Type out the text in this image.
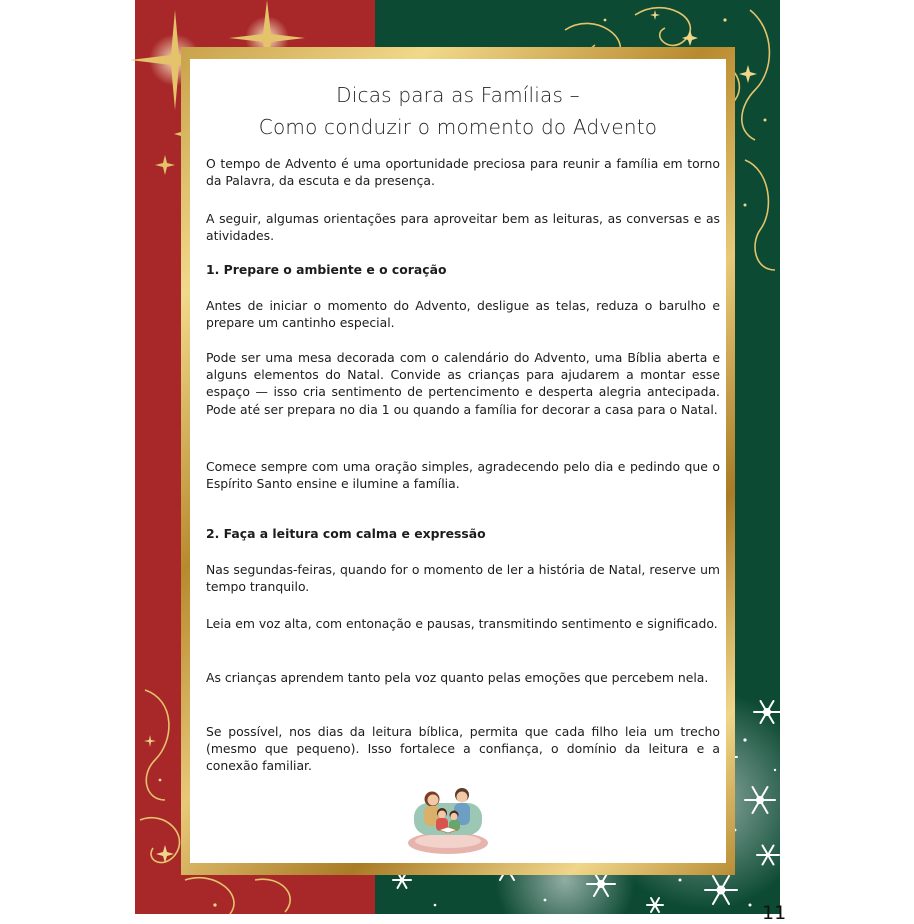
Dicas para as Famílias –
Como conduzir o momento do Advento

O tempo de Advento é uma oportunidade preciosa para reunir a família em torno da Palavra, da escuta e da presença.

A seguir, algumas orientações para aproveitar bem as leituras, as conversas e as atividades.

1. Prepare o ambiente e o coração

Antes de iniciar o momento do Advento, desligue as telas, reduza o barulho e prepare um cantinho especial.

Pode ser uma mesa decorada com o calendário do Advento, uma Bíblia aberta e alguns elementos do Natal. Convide as crianças para ajudarem a montar esse espaço — isso cria sentimento de pertencimento e desperta alegria antecipada. Pode até ser prepara no dia 1 ou quando a família for decorar a casa para o Natal.

Comece sempre com uma oração simples, agradecendo pelo dia e pedindo que o Espírito Santo ensine e ilumine a família.

2. Faça a leitura com calma e expressão

Nas segundas-feiras, quando for o momento de ler a história de Natal, reserve um tempo tranquilo.

Leia em voz alta, com entonação e pausas, transmitindo sentimento e significado.

As crianças aprendem tanto pela voz quanto pelas emoções que percebem nela.

Se possível, nos dias da leitura bíblica, permita que cada filho leia um trecho (mesmo que pequeno). Isso fortalece a confiança, o domínio da leitura e a conexão familiar.

11
